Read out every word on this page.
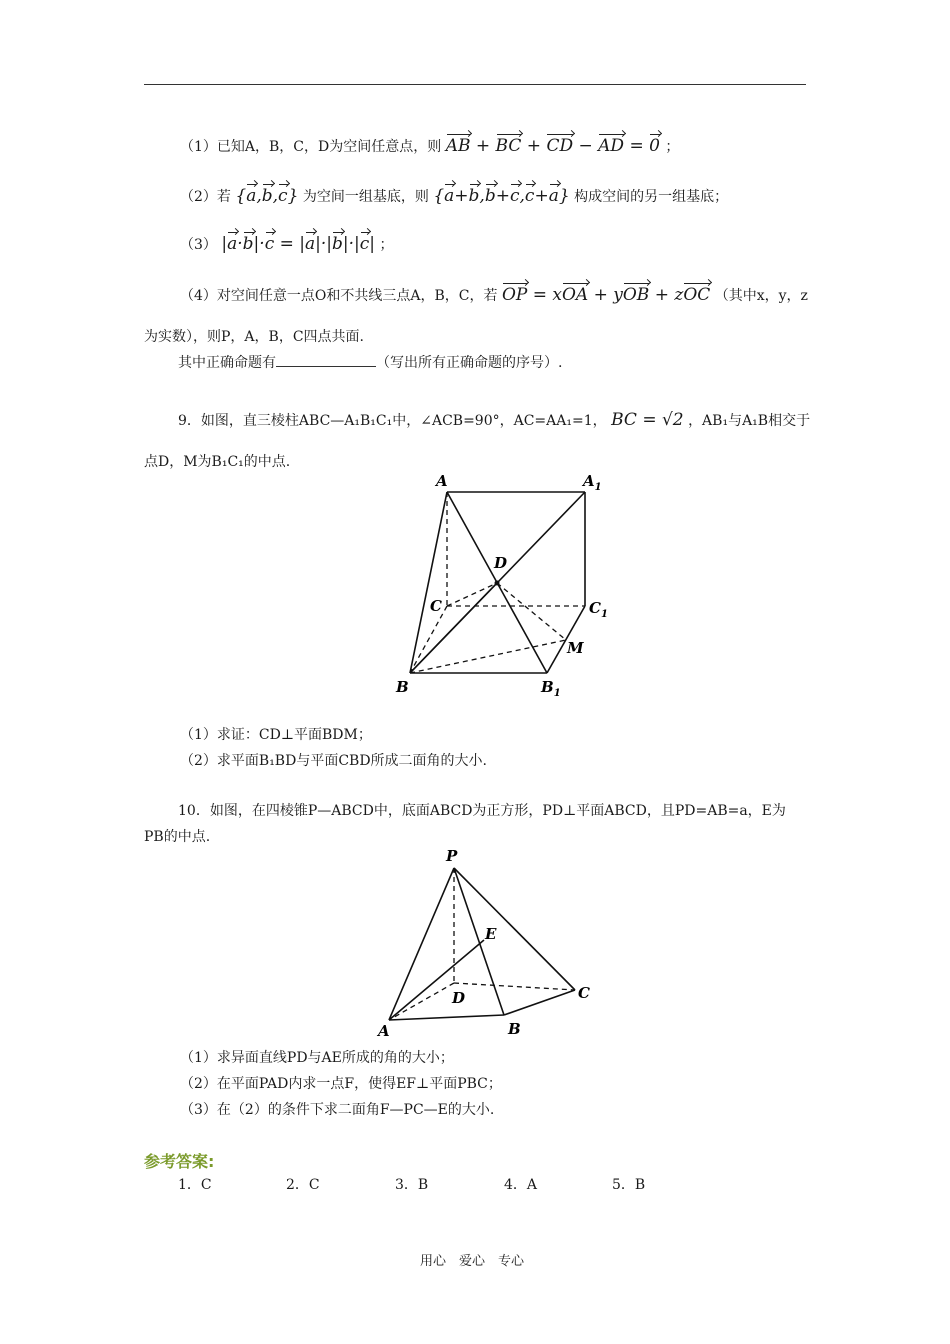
（1）已知A，B，C，D为空间任意点，则 AB + BC + CD − AD = 0 ；
（2）若 {a,b,c} 为空间一组基底，则 {a+b,b+c,c+a} 构成空间的另一组基底；
（3） |a·b|·c = |a|·|b|·|c| ；
（4）对空间任意一点O和不共线三点A，B，C，若 OP = xOA + yOB + zOC （其中x，y，z
为实数），则P，A，B，C四点共面.
其中正确命题有	（写出所有正确命题的序号）.
9．如图，直三棱柱ABC—A₁B₁C₁中，∠ACB=90°，AC=AA₁=1， BC = √2 ，AB₁与A₁B相交于
点D，M为B₁C₁的中点.
A	$A_1$
C	$C_1$
D
M
B	$B_1$
（1）求证：CD⊥平面BDM；
（2）求平面B₁BD与平面CBD所成二面角的大小.
10．如图，在四棱锥P—ABCD中，底面ABCD为正方形，PD⊥平面ABCD，且PD=AB=a，E为
PB的中点.
P
E
D	C
A	B
（1）求异面直线PD与AE所成的角的大小；
（2）在平面PAD内求一点F，使得EF⊥平面PBC；
（3）在（2）的条件下求二面角F—PC—E的大小.
参考答案:
1．C	2．C	3．B	4．A	5．B
用心　爱心　专心
